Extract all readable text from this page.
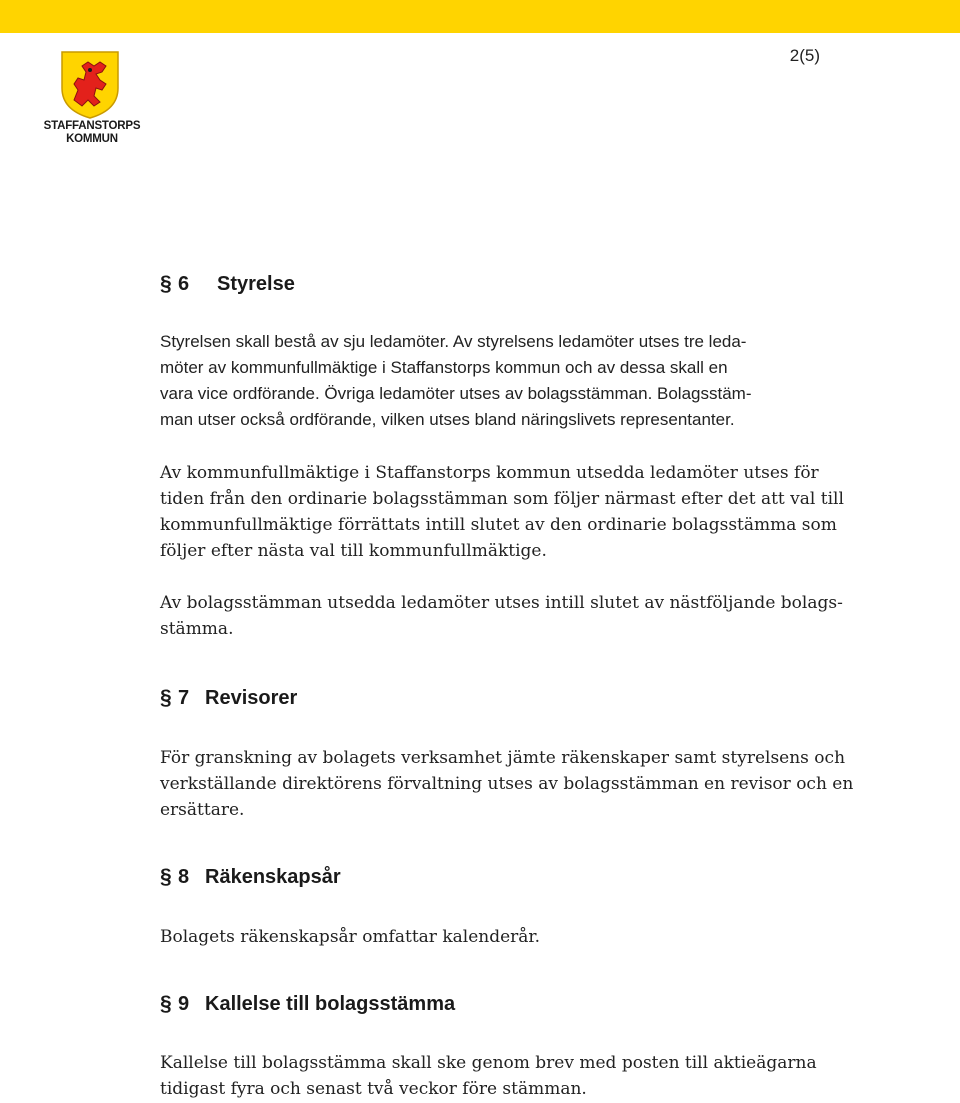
2(5)
STAFFANSTORPS
KOMMUN
§ 6	Styrelse

Styrelsen skall bestå av sju ledamöter. Av styrelsens ledamöter utses tre leda-
möter av kommunfullmäktige i Staffanstorps kommun och av dessa skall en
vara vice ordförande. Övriga ledamöter utses av bolagsstämman. Bolagsstäm-
man utser också ordförande, vilken utses bland näringslivets representanter.

Av kommunfullmäktige i Staffanstorps kommun utsedda ledamöter utses för
tiden från den ordinarie bolagsstämman som följer närmast efter det att val till
kommunfullmäktige förrättats intill slutet av den ordinarie bolagsstämma som
följer efter nästa val till kommunfullmäktige.

Av bolagsstämman utsedda ledamöter utses intill slutet av nästföljande bolags-
stämma.

§ 7 Revisorer

För granskning av bolagets verksamhet jämte räkenskaper samt styrelsens och
verkställande direktörens förvaltning utses av bolagsstämman en revisor och en
ersättare.

§ 8 Räkenskapsår

Bolagets räkenskapsår omfattar kalenderår.

§ 9 Kallelse till bolagsstämma

Kallelse till bolagsstämma skall ske genom brev med posten till aktieägarna
tidigast fyra och senast två veckor före stämman.
